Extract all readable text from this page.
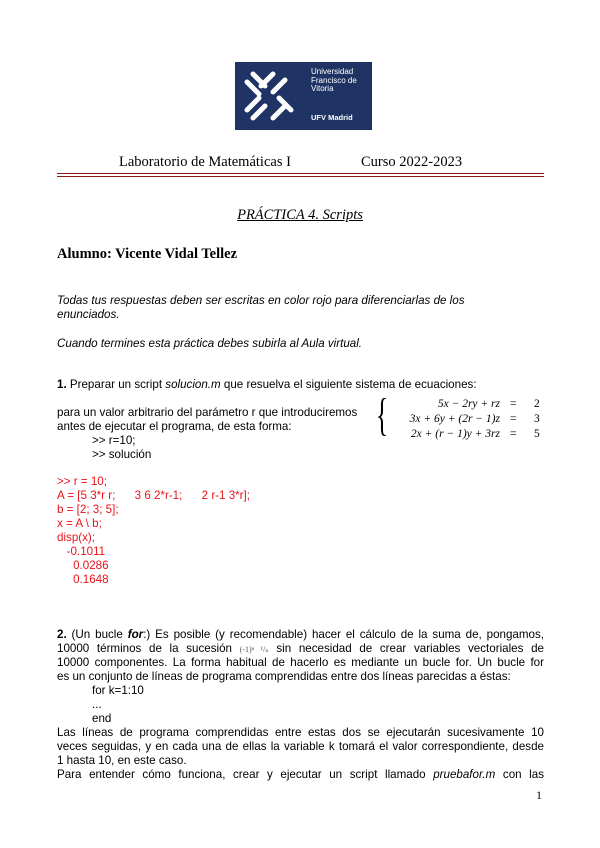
Universidad
Francisco de
Vitoria
UFV Madrid
Laboratorio de Matemáticas I	Curso 2022-2023
PRÁCTICA 4. Scripts
Alumno: Vicente Vidal Tellez
Todas tus respuestas deben ser escritas en color rojo para diferenciarlas de los
enunciados.
Cuando termines esta práctica debes subirla al Aula virtual.
1. Preparar un script solucion.m que resuelva el siguiente sistema de ecuaciones:
para un valor arbitrario del parámetro r que introduciremos
antes de ejecutar el programa, de esta forma:
>> r=10;
>> solución
{	5x − 2ry + rz = 2
3x + 6y + (2r − 1)z = 3
2x + (r − 1)y + 3rz = 5
>> r = 10;
A = [5 3*r r;      3 6 2*r-1;      2 r-1 3*r];
b = [2; 3; 5];
x = A \ b;
disp(x);
-0.1011
0.0286
0.1648
2. (Un bucle for:) Es posible (y recomendable) hacer el cálculo de la suma de, pongamos,
10000 términos de la sucesión (-1)ⁿ ¹/ₙ sin necesidad de crear variables vectoriales de
10000 componentes. La forma habitual de hacerlo es mediante un bucle for. Un bucle for
es un conjunto de líneas de programa comprendidas entre dos líneas parecidas a éstas:
for k=1:10
...
end
Las líneas de programa comprendidas entre estas dos se ejecutarán sucesivamente 10
veces seguidas, y en cada una de ellas la variable k tomará el valor correspondiente, desde
1 hasta 10, en este caso.
Para entender cómo funciona, crear y ejecutar un script llamado pruebafor.m con las
1
